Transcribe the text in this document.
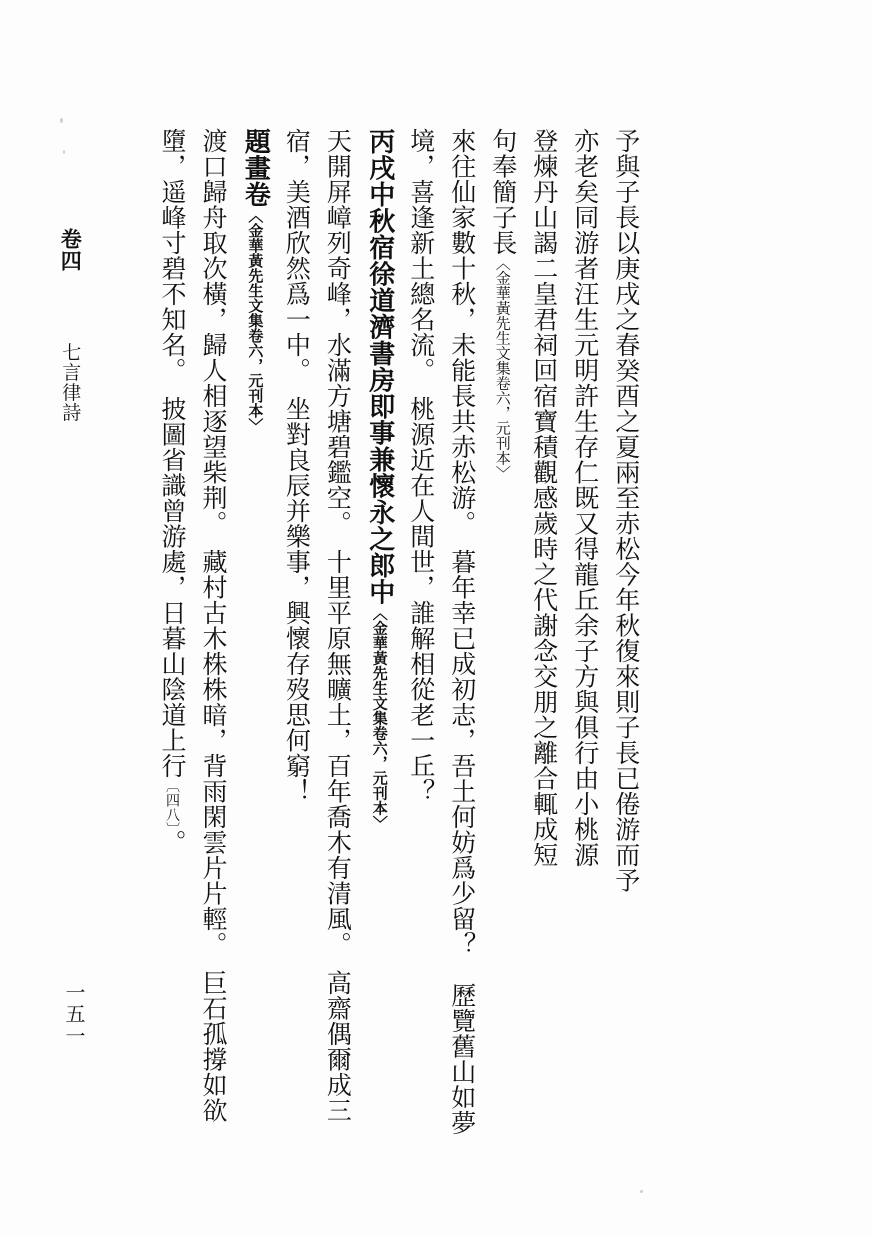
卷四  七言律詩
一五一
墮，遥峰寸碧不知名。　披圖省識曾游處，日暮山陰道上行〔四八〕。 渡口歸舟取次橫，歸人相逐望柴荆。　藏村古木株株暗，背雨閑雲片片輕。　巨石孤撐如欲 題畫卷〈金華黃先生文集卷六，元刊本〉 宿，美酒欣然爲一中。　坐對良辰并樂事，興懷存歿思何窮！ 天開屏嶂列奇峰，水滿方塘碧鑑空。　十里平原無曠土，百年喬木有清風。　高齋偶爾成三 丙戌中秋宿徐道濟書房即事兼懷永之郎中〈金華黃先生文集卷六，元刊本〉 境，喜逢新土總名流。　桃源近在人間世，誰解相從老一丘？ 來往仙家數十秋，未能長共赤松游。　暮年幸已成初志，吾土何妨爲少留？　歷覽舊山如夢 句奉簡子長〈金華黃先生文集卷六，元刊本〉 登煉丹山謁二皇君祠回宿寶積觀感歲時之代謝念交朋之離合輒成短 亦老矣同游者汪生元明許生存仁既又得龍丘余子方與俱行由小桃源 予與子長以庚戌之春癸酉之夏兩至赤松今年秋復來則子長已倦游而予
